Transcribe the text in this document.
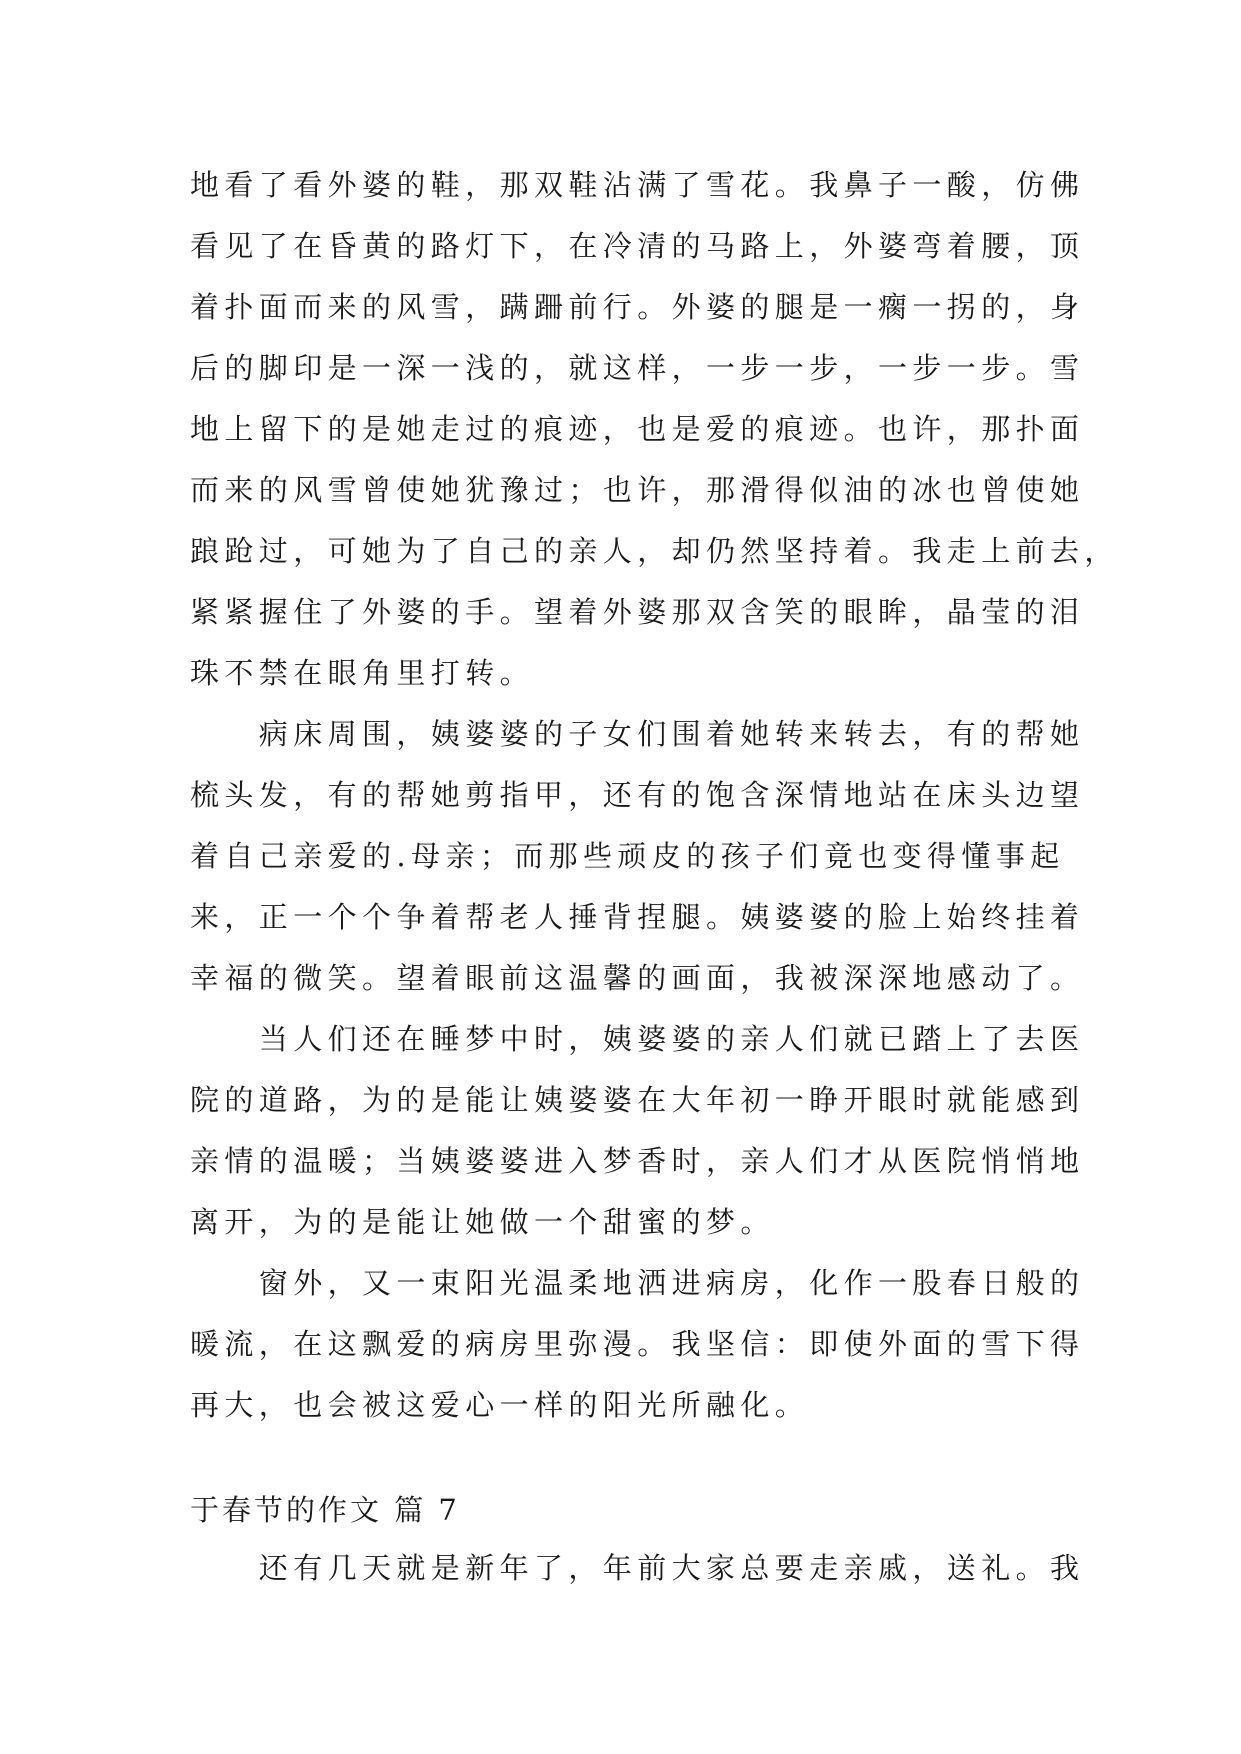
地看了看外婆的鞋，那双鞋沾满了雪花。我鼻子一酸，仿佛
看见了在昏黄的路灯下，在冷清的马路上，外婆弯着腰，顶
着扑面而来的风雪，蹒跚前行。外婆的腿是一瘸一拐的，身
后的脚印是一深一浅的，就这样，一步一步，一步一步。雪
地上留下的是她走过的痕迹，也是爱的痕迹。也许，那扑面
而来的风雪曾使她犹豫过；也许，那滑得似油的冰也曾使她
踉跄过，可她为了自己的亲人，却仍然坚持着。我走上前去，
紧紧握住了外婆的手。望着外婆那双含笑的眼眸，晶莹的泪
珠不禁在眼角里打转。
　　病床周围，姨婆婆的子女们围着她转来转去，有的帮她
梳头发，有的帮她剪指甲，还有的饱含深情地站在床头边望
着自己亲爱的.母亲；而那些顽皮的孩子们竟也变得懂事起
来，正一个个争着帮老人捶背捏腿。姨婆婆的脸上始终挂着
幸福的微笑。望着眼前这温馨的画面，我被深深地感动了。
　　当人们还在睡梦中时，姨婆婆的亲人们就已踏上了去医
院的道路，为的是能让姨婆婆在大年初一睁开眼时就能感到
亲情的温暖；当姨婆婆进入梦香时，亲人们才从医院悄悄地
离开，为的是能让她做一个甜蜜的梦。
　　窗外，又一束阳光温柔地洒进病房，化作一股春日般的
暖流，在这飘爱的病房里弥漫。我坚信：即使外面的雪下得
再大，也会被这爱心一样的阳光所融化。
于春节的作文 篇 7
　　还有几天就是新年了，年前大家总要走亲戚，送礼。我
